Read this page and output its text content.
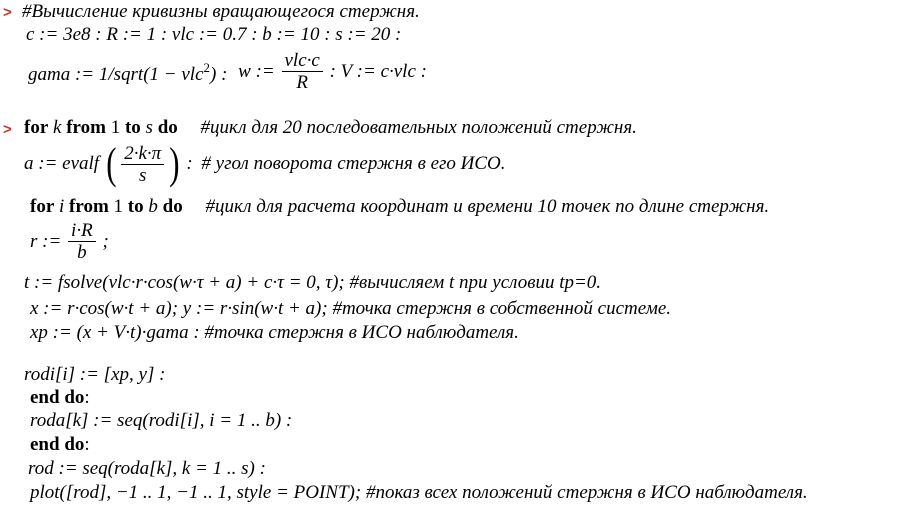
> #Вычисление кривизны вращающегося стержня.
c := 3e8 : R := 1 : vlc := 0.7 : b := 10 : s := 20 :
gama := 1/sqrt(1 − vlc$^2$) : w := $\frac{\text{vlc·c}}{R}$ : V := c·vlc :
> for k from 1 to s do #цикл для 20 последовательных положений стержня.
a := evalf ( $\frac{2\cdot k\cdot\pi}{s}$ ) : # угол поворота стержня в его ИСО.
for i from 1 to b do #цикл для расчета координат и времени 10 точек по длине стержня.
r := $\frac{i\cdot R}{b}$ ;
t := fsolve(vlc·r·cos(w·τ + a) + c·τ = 0, τ); #вычисляем t при условии tp=0.
x := r·cos(w·t + a); y := r·sin(w·t + a); #точка стержня в собственной системе.
xp := (x + V·t)·gama : #точка стержня в ИСО наблюдателя.
rodi[i] := [xp, y] :
end do:
roda[k] := seq(rodi[i], i = 1 .. b) :
end do:
rod := seq(roda[k], k = 1 .. s) :
plot([rod], −1 .. 1, −1 .. 1, style = POINT); #показ всех положений стержня в ИСО наблюдателя.
